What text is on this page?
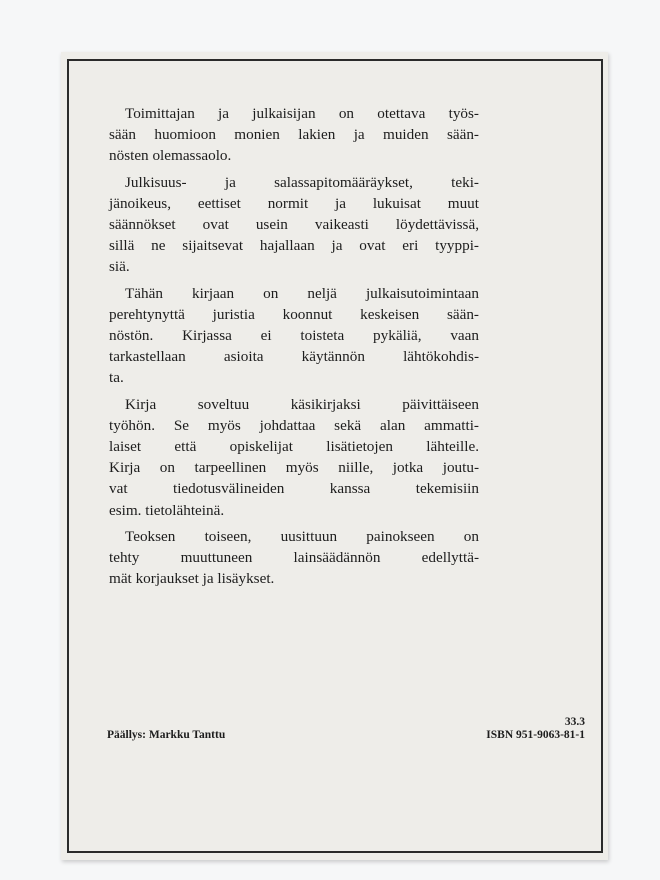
Toimittajan ja julkaisijan on otettava työs-
sään huomioon monien lakien ja muiden sään-
nösten olemassaolo.
Julkisuus- ja salassapitomääräykset, teki-
jänoikeus, eettiset normit ja lukuisat muut
säännökset ovat usein vaikeasti löydettävissä,
sillä ne sijaitsevat hajallaan ja ovat eri tyyppi-
siä.
Tähän kirjaan on neljä julkaisutoimintaan
perehtynyttä juristia koonnut keskeisen sään-
nöstön. Kirjassa ei toisteta pykäliä, vaan
tarkastellaan asioita käytännön lähtökohdis-
ta.
Kirja soveltuu käsikirjaksi päivittäiseen
työhön. Se myös johdattaa sekä alan ammatti-
laiset että opiskelijat lisätietojen lähteille.
Kirja on tarpeellinen myös niille, jotka joutu-
vat tiedotusvälineiden kanssa tekemisiin
esim. tietolähteinä.
Teoksen toiseen, uusittuun painokseen on
tehty muuttuneen lainsäädännön edellyttä-
mät korjaukset ja lisäykset.
Päällys: Markku Tanttu
33.3
ISBN 951-9063-81-1
